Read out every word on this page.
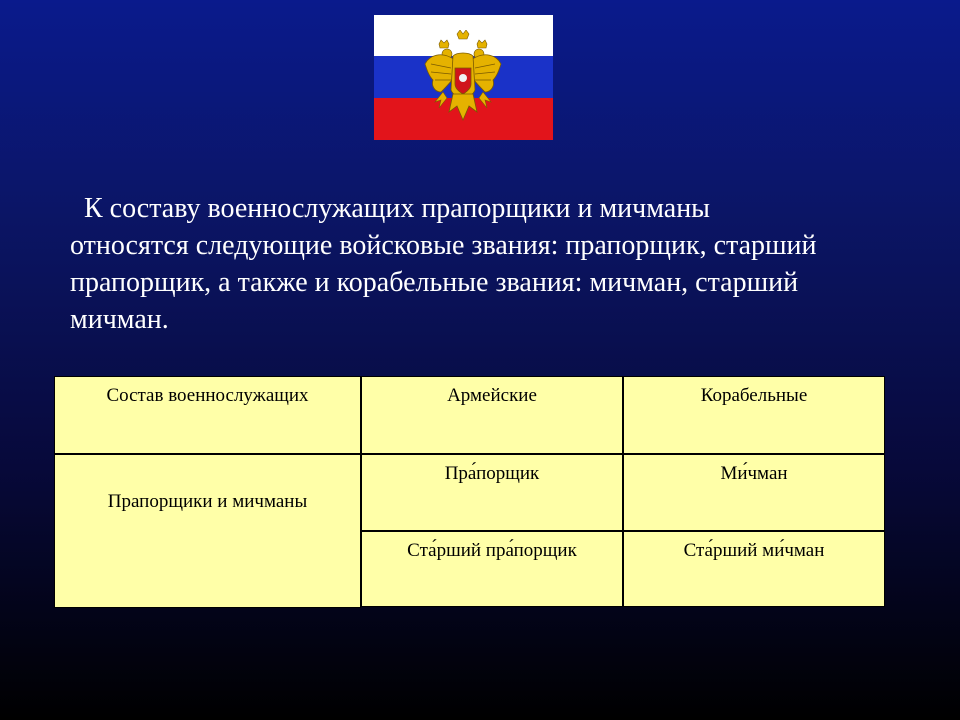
К составу военнослужащих прапорщики и мичманы относятся следующие войсковые звания: прапорщик, старший прапорщик, а также и корабельные звания: мичман, старший мичман.
Состав военнослужащих	Армейские	Корабельные
Прапорщики и мичманы
Пра́порщик	Ми́чман
Ста́рший пра́порщик	Ста́рший ми́чман
